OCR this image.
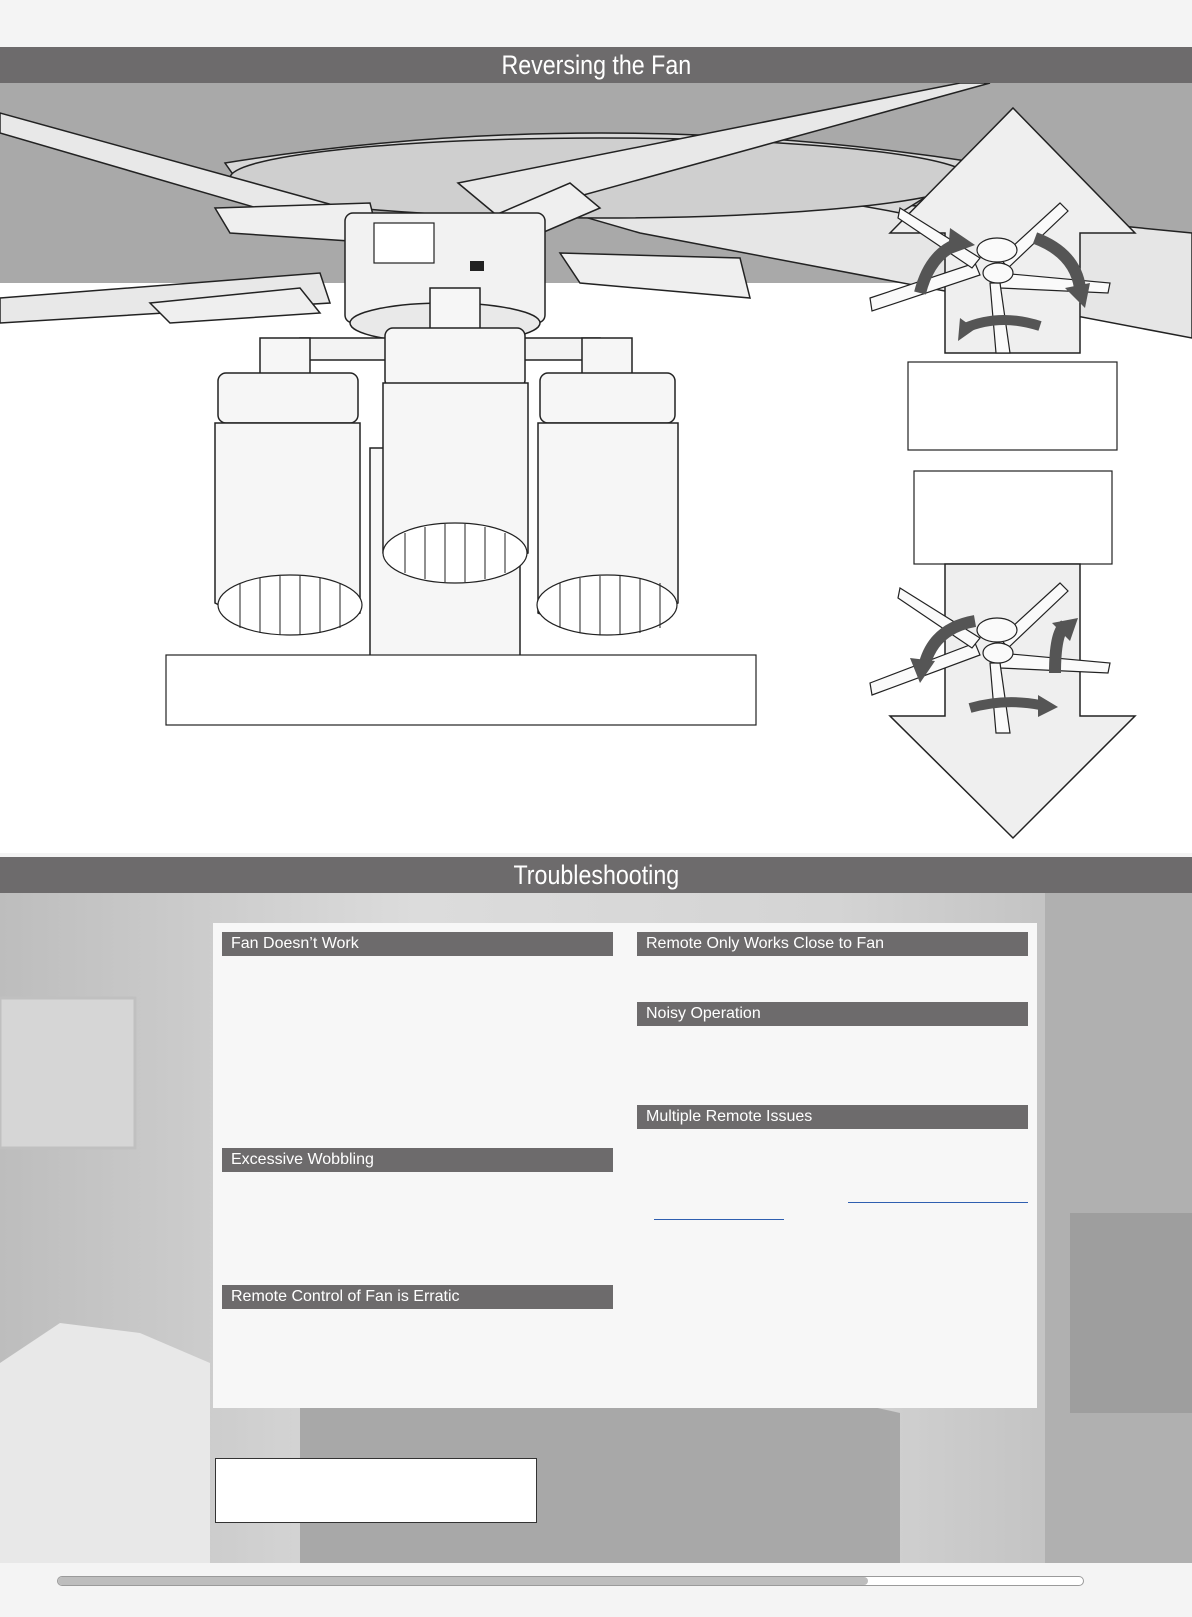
Reversing the Fan
Troubleshooting
Fan Doesn’t Work
Excessive Wobbling
Remote Control of Fan is Erratic
Remote Only Works Close to Fan
Noisy Operation
Multiple Remote Issues
